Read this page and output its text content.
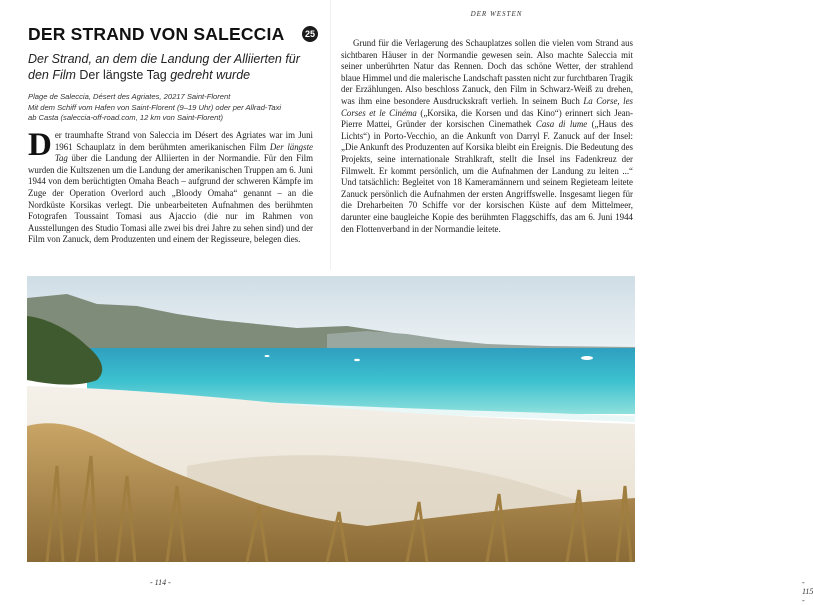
DER STRAND VON SALECCIA	25
Der Strand, an dem die Landung der Alliierten für den Film Der längste Tag gedreht wurde
Plage de Saleccia, Désert des Agriates, 20217 Saint-Florent
Mit dem Schiff vom Hafen von Saint-Florent (9–19 Uhr) oder per Allrad-Taxi
ab Casta (saleccia-off-road.com, 12 km von Saint-Florent)
Der traumhafte Strand von Saleccia im Désert des Agriates war im Juni 1961 Schauplatz in dem berühmten amerikanischen Film Der längste Tag über die Landung der Alliierten in der Normandie. Für den Film wurden die Kultszenen um die Landung der amerikanischen Truppen am 6. Juni 1944 von dem berüchtigten Omaha Beach – aufgrund der schweren Kämpfe im Zuge der Operation Overlord auch „Bloody Omaha“ genannt – an die Nordküste Korsikas verlegt. Die unbearbeiteten Aufnahmen des berühmten Fotografen Toussaint Tomasi aus Ajaccio (die nur im Rahmen von Ausstellungen des Studio Tomasi alle zwei bis drei Jahre zu sehen sind) und der Film von Zanuck, dem Produzenten und einem der Regisseure, belegen dies.
- 114 -
DER WESTEN
Grund für die Verlagerung des Schauplatzes sollen die vielen vom Strand aus sichtbaren Häuser in der Normandie gewesen sein. Also machte Saleccia mit seiner unberührten Natur das Rennen. Doch das schöne Wetter, der strahlend blaue Himmel und die malerische Landschaft passten nicht zur furchtbaren Tragik der Erzählungen. Also beschloss Zanuck, den Film in Schwarz-Weiß zu drehen, was ihm eine besondere Ausdruckskraft verlieh. In seinem Buch La Corse, les Corses et le Cinéma („Korsika, die Korsen und das Kino“) erinnert sich Jean-Pierre Mattei, Gründer der korsischen Cinemathek Casa di lume („Haus des Lichts“) in Porto-Vecchio, an die Ankunft von Darryl F. Zanuck auf der Insel: „Die Ankunft des Produzenten auf Korsika bleibt ein Ereignis. Die Bedeutung des Projekts, seine internationale Strahlkraft, stellt die Insel ins Fadenkreuz der Filmwelt. Er kommt persönlich, um die Aufnahmen der Landung zu leiten ...“ Und tatsächlich: Begleitet von 18 Kameramännern und seinem Regieteam leitete Zanuck persönlich die Aufnahmen der ersten Angriffswelle. Insgesamt liegen für die Dreharbeiten 70 Schiffe vor der korsischen Küste auf dem Mittelmeer, darunter eine baugleiche Kopie des berühmten Flaggschiffs, das am 6. Juni 1944 den Flottenverband in der Normandie leitete.
- 115 -
